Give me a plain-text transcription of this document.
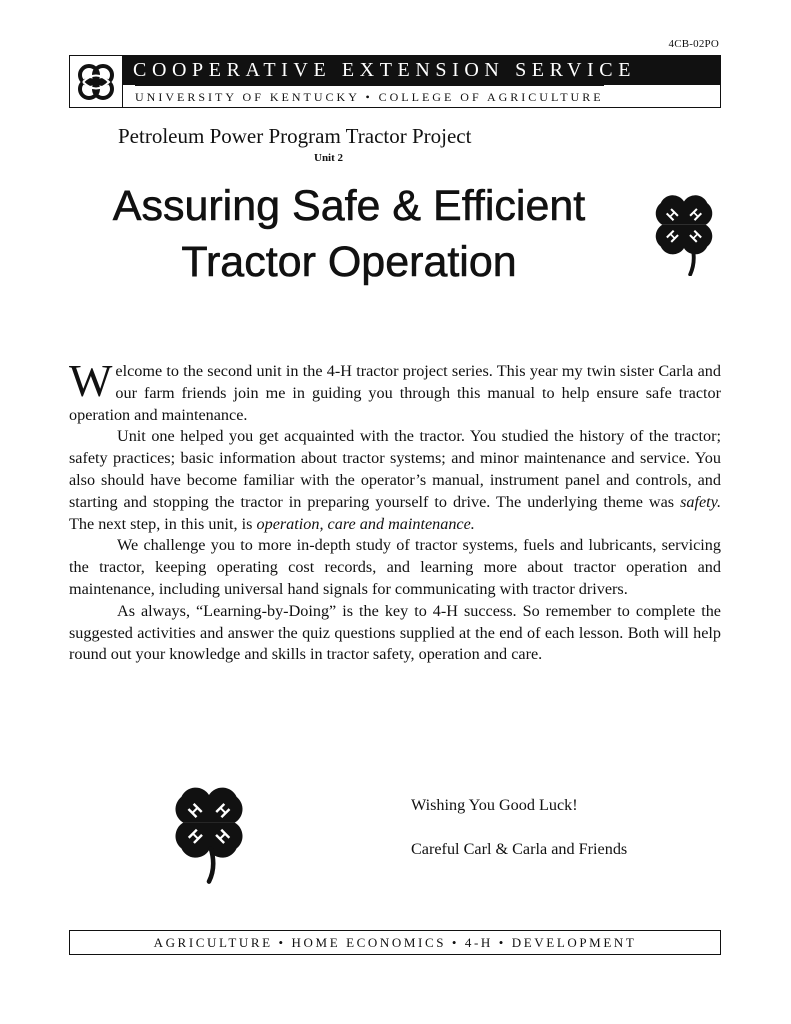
4CB-02PO
COOPERATIVE EXTENSION SERVICE
UNIVERSITY OF KENTUCKY • COLLEGE OF AGRICULTURE
Petroleum Power Program Tractor Project
Unit 2
Assuring Safe & Efficient
Tractor Operation
H H
H H

Welcome to the second unit in the 4-H tractor project series. This year my twin sister Carla and our farm friends join me in guiding you through this manual to help ensure safe tractor operation and maintenance.

Unit one helped you get acquainted with the tractor. You studied the history of the tractor; safety practices; basic information about tractor systems; and minor maintenance and service. You also should have become familiar with the operator’s manual, instrument panel and controls, and starting and stopping the tractor in preparing yourself to drive. The underlying theme was safety. The next step, in this unit, is operation, care and maintenance.

We challenge you to more in-depth study of tractor systems, fuels and lubricants, servicing the tractor, keeping operating cost records, and learning more about tractor operation and maintenance, including universal hand signals for communicating with tractor drivers.

As always, “Learning-by-Doing” is the key to 4-H success. So remember to complete the suggested activities and answer the quiz questions supplied at the end of each lesson. Both will help round out your knowledge and skills in tractor safety, operation and care.

H H
H H
Wishing You Good Luck!
Careful Carl & Carla and Friends
AGRICULTURE • HOME ECONOMICS • 4-H • DEVELOPMENT
